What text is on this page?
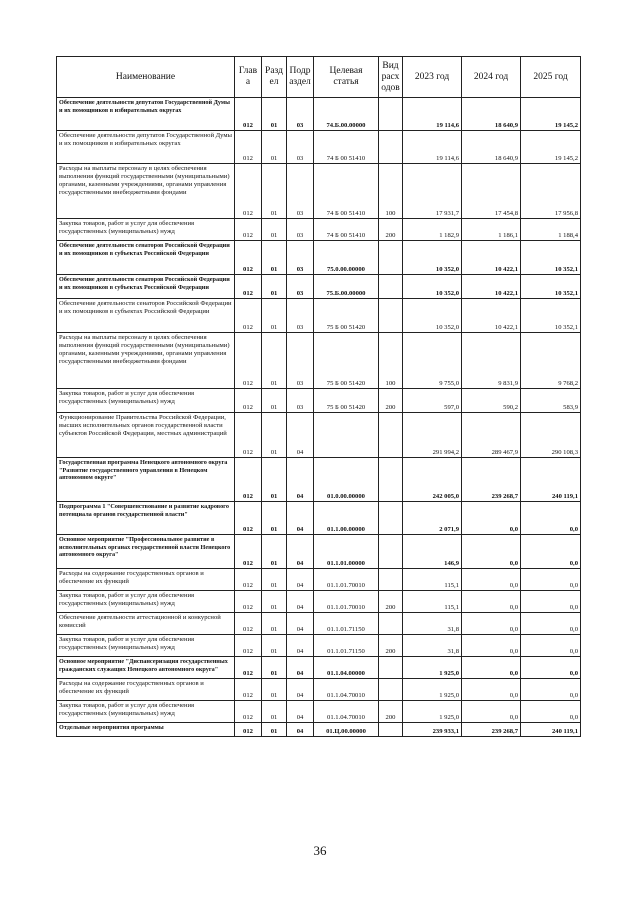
Наименование	Глав а	Разд ел	Подр аздел	Целевая статья	Вид расх одов	2023 год	2024 год	2025 год
Обеспечение деятельности депутатов Государственной Думы и их помощников в избирательных округах	012	01	03	74.Б.00.00000		19 114,6	18 640,9	19 145,2
Обеспечение деятельности депутатов Государственной Думы и их помощников в избирательных округах	012	01	03	74 Б 00 51410		19 114,6	18 640,9	19 145,2
Расходы на выплаты персоналу в целях обеспечения выполнения функций государственными (муниципальными) органами, казенными учреждениями, органами управления государственными внебюджетными фондами	012	01	03	74 Б 00 51410	100	17 931,7	17 454,8	17 956,8
Закупка товаров, работ и услуг для обеспечения государственных (муниципальных) нужд	012	01	03	74 Б 00 51410	200	1 182,9	1 186,1	1 188,4
Обеспечение деятельности сенаторов Российской Федерации и их помощников в субъектах Российской Федерации	012	01	03	75.0.00.00000		10 352,0	10 422,1	10 352,1
Обеспечение деятельности сенаторов Российской Федерации и их помощников в субъектах Российской Федерации	012	01	03	75.Б.00.00000		10 352,0	10 422,1	10 352,1
Обеспечение деятельности сенаторов Российской Федерации и их помощников в субъектах Российской Федерации	012	01	03	75 Б 00 51420		10 352,0	10 422,1	10 352,1
Расходы на выплаты персоналу в целях обеспечения выполнения функций государственными (муниципальными) органами, казенными учреждениями, органами управления государственными внебюджетными фондами	012	01	03	75 Б 00 51420	100	9 755,0	9 831,9	9 768,2
Закупка товаров, работ и услуг для обеспечения государственных (муниципальных) нужд	012	01	03	75 Б 00 51420	200	597,0	590,2	583,9
Функционирование Правительства Российской Федерации, высших исполнительных органов государственной власти субъектов Российской Федерации, местных администраций	012	01	04			291 994,2	289 467,9	290 108,3
Государственная программа Ненецкого автономного округа "Развитие государственного управления в Ненецком автономном округе"	012	01	04	01.0.00.00000		242 005,0	239 268,7	240 119,1
Подпрограмма 1 "Совершенствование и развитие кадрового потенциала органов государственной власти"	012	01	04	01.1.00.00000		2 071,9	0,0	0,0
Основное мероприятие "Профессиональное развитие в исполнительных органах государственной власти Ненецкого автономного округа"	012	01	04	01.1.01.00000		146,9	0,0	0,0
Расходы на содержание государственных органов и обеспечение их функций	012	01	04	01.1.01.70010		115,1	0,0	0,0
Закупка товаров, работ и услуг для обеспечения государственных (муниципальных) нужд	012	01	04	01.1.01.70010	200	115,1	0,0	0,0
Обеспечение деятельности аттестационной и конкурсной комиссий	012	01	04	01.1.01.71150		31,8	0,0	0,0
Закупка товаров, работ и услуг для обеспечения государственных (муниципальных) нужд	012	01	04	01.1.01.71150	200	31,8	0,0	0,0
Основное мероприятие "Диспансеризация государственных гражданских служащих Ненецкого автономного округа"	012	01	04	01.1.04.00000		1 925,0	0,0	0,0
Расходы на содержание государственных органов и обеспечение их функций	012	01	04	01.1.04.70010		1 925,0	0,0	0,0
Закупка товаров, работ и услуг для обеспечения государственных (муниципальных) нужд	012	01	04	01.1.04.70010	200	1 925,0	0,0	0,0
Отдельные мероприятия программы	012	01	04	01.Ц.00.00000		239 933,1	239 268,7	240 119,1
36
